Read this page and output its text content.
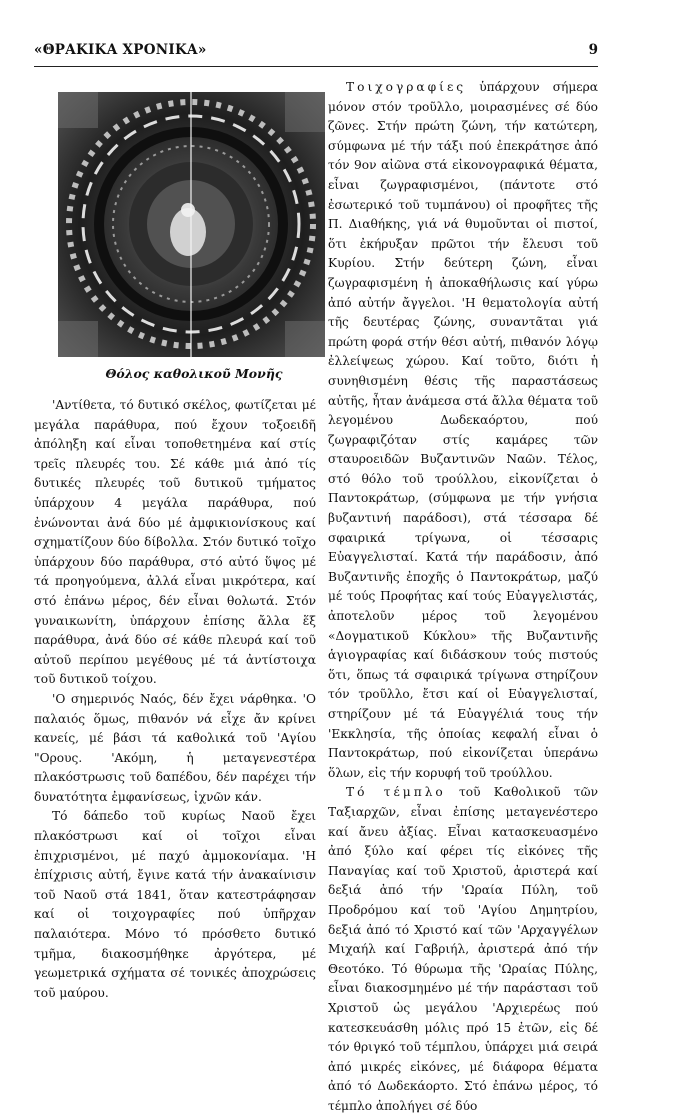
«ΘΡΑΚΙΚΑ ΧΡΟΝΙΚΑ»	9
Θόλος καθολικοῦ Μονῆς

'Αντίθετα, τό δυτικό σκέλος, φωτίζεται μέ μεγάλα παράθυρα, πού ἔχουν τοξοειδῆ ἀπόληξη καί εἶναι τοποθετημένα καί στίς τρεῖς πλευρές του. Σέ κάθε μιά ἀπό τίς δυτικές πλευρές τοῦ δυτικοῦ τμήματος ὑπάρχουν 4 μεγάλα παράθυρα, πού ἐνώνονται ἀνά δύο μέ ἀμφικιονίσκους καί σχηματίζουν δύο δίβολλα. Στόν δυτικό τοῖχο ὑπάρχουν δύο παράθυρα, στό αὐτό ὕψος μέ τά προηγούμενα, ἀλλά εἶναι μικρότερα, καί στό ἐπάνω μέρος, δέν εἶναι θολωτά. Στόν γυναικωνίτη, ὑπάρχουν ἐπίσης ἄλλα ἕξ παράθυρα, ἀνά δύο σέ κάθε πλευρά καί τοῦ αὐτοῦ περίπου μεγέθους μέ τά ἀντίστοιχα τοῦ δυτικοῦ τοίχου.

'Ο σημερινός Ναός, δέν ἔχει νάρθηκα. 'Ο παλαιός ὅμως, πιθανόν νά εἶχε ἄν κρίνει κανείς, μέ βάσι τά καθολικά τοῦ 'Αγίου "Ορους. 'Ακόμη, ἡ μεταγενεστέρα πλακόστρωσις τοῦ δαπέδου, δέν παρέχει τήν δυνατότητα ἐμφανίσεως, ἰχνῶν κάν.

Τό δάπεδο τοῦ κυρίως Ναοῦ ἔχει πλακόστρωσι καί οἱ τοῖχοι εἶναι ἐπιχρισμένοι, μέ παχύ ἀμμοκονίαμα. 'Η ἐπίχρισις αὐτή, ἔγινε κατά τήν ἀνακαίνισιν τοῦ Ναοῦ στά 1841, ὅταν κατεστράφησαν καί οἱ τοιχογραφίες πού ὑπῆρχαν παλαιότερα. Μόνο τό πρόσθετο δυτικό τμῆμα, διακοσμήθηκε ἀργότερα, μέ γεωμετρικά σχήματα σέ τονικές ἀποχρώσεις τοῦ μαύρου.

Τοιχογραφίες ὑπάρχουν σήμερα μόνον στόν τροῦλλο, μοιρασμένες σέ δύο ζῶνες. Στήν πρώτη ζώνη, τήν κατώτερη, σύμφωνα μέ τήν τάξι πού ἐπεκράτησε ἀπό τόν 9ον αἰῶνα στά εἰκονογραφικά θέματα, εἶναι ζωγραφισμένοι, (πάντοτε στό ἐσωτερικό τοῦ τυμπάνου) οἱ προφῆτες τῆς Π. Διαθήκης, γιά νά θυμοῦνται οἱ πιστοί, ὅτι ἐκήρυξαν πρῶτοι τήν ἔλευσι τοῦ Κυρίου. Στήν δεύτερη ζώνη, εἶναι ζωγραφισμένη ἡ ἀποκαθήλωσις καί γύρω ἀπό αὐτήν ἄγγελοι. 'Η θεματολογία αὐτή τῆς δευτέρας ζώνης, συναντᾶται γιά πρώτη φορά στήν θέσι αὐτή, πιθανόν λόγῳ ἐλλείψεως χώρου. Καί τοῦτο, διότι ἡ συνηθισμένη θέσις τῆς παραστάσεως αὐτῆς, ἦταν ἀνάμεσα στά ἄλλα θέματα τοῦ λεγομένου Δωδεκαόρτου, πού ζωγραφιζόταν στίς καμάρες τῶν σταυροειδῶν Βυζαντινῶν Ναῶν. Τέλος, στό θόλο τοῦ τρούλλου, εἰκονίζεται ὁ Παντοκράτωρ, (σύμφωνα με τήν γνήσια βυζαντινή παράδοσι), στά τέσσαρα δέ σφαιρικά τρίγωνα, οἱ τέσσαρις Εὐαγγελισταί. Κατά τήν παράδοσιν, ἀπό Βυζαντινῆς ἐποχῆς ὁ Παντοκράτωρ, μαζύ μέ τούς Προφήτας καί τούς Εὐαγγελιστάς, ἀποτελοῦν μέρος τοῦ λεγομένου «Δογματικοῦ Κύκλου» τῆς Βυζαντινῆς ἁγιογραφίας καί διδάσκουν τούς πιστούς ὅτι, ὅπως τά σφαιρικά τρίγωνα στηρίζουν τόν τροῦλλο, ἔτσι καί οἱ Εὐαγγελισταί, στηρίζουν μέ τά Εὐαγγέλιά τους τήν 'Εκκλησία, τῆς ὁποίας κεφαλή εἶναι ὁ Παντοκράτωρ, πού εἰκονίζεται ὑπεράνω ὅλων, εἰς τήν κορυφή τοῦ τρούλλου.

Τό τέμπλο τοῦ Καθολικοῦ τῶν Ταξιαρχῶν, εἶναι ἐπίσης μεταγενέστερο καί ἄνευ ἀξίας. Εἶναι κατασκευασμένο ἀπό ξύλο καί φέρει τίς εἰκόνες τῆς Παναγίας καί τοῦ Χριστοῦ, ἀριστερά καί δεξιά ἀπό τήν 'Ωραία Πύλη, τοῦ Προδρόμου καί τοῦ 'Αγίου Δημητρίου, δεξιά ἀπό τό Χριστό καί τῶν 'Αρχαγγέλων Μιχαήλ καί Γαβριήλ, ἀριστερά ἀπό τήν Θεοτόκο. Τό θύρωμα τῆς 'Ωραίας Πύλης, εἶναι διακοσμημένο μέ τήν παράστασι τοῦ Χριστοῦ ὡς μεγάλου 'Αρχιερέως πού κατεσκευάσθη μόλις πρό 15 ἐτῶν, εἰς δέ τόν θριγκό τοῦ τέμπλου, ὑπάρχει μιά σειρά ἀπό μικρές εἰκόνες, μέ διάφορα θέματα ἀπό τό Δωδεκάορτο. Στό ἐπάνω μέρος, τό τέμπλο ἀπολήγει σέ δύο
